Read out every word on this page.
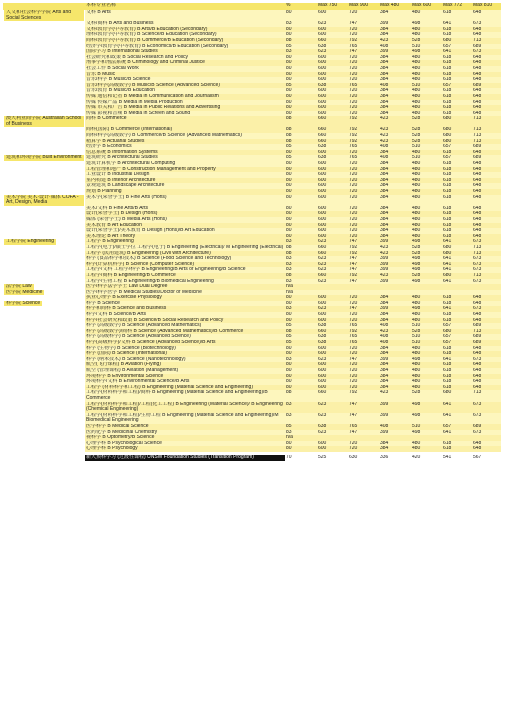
	本科专业名称	%	Max 750	Max 900	Max 480	Max 600	Max 772	Max 810
人文和社会科学学院 Arts and Social Sciences	文科 B Arts	80	600	720	384	480	618	648

	文科/商科 B Arts and Business	83	623	747	399	498	641	673
	文科/教育学(中等教育) B Arts/B Education (Secondary)	80	600	720	384	480	618	648
	理科/教育学(中等教育) B Science/B Education (Secondary)	80	600	720	384	480	618	648
	商科/教育学(中等教育) B Commerce/B Education (Secondary)	88	660	792	423	528	680	713
	经济学/教育学(中等教育) B Economics/B Education (Secondary)	85	638	765	408	510	657	689
	国际学习 B International Studies	83	623	747	399	498	641	673
	社会研究和政策 B Social Research and Policy	80	600	720	384	480	618	648
	刑事学和刑法系统 B Criminology and Criminal Justice	80	600	720	384	480	618	648
	社会工作 B Social Work	80	600	720	384	480	618	648
	音乐 B Music	80	600	720	384	480	618	648
	音乐/科学 B Music/B Science	80	600	720	384	480	618	648
	音乐/科学(高级数学) B Music/B Science (Advanced Science)	85	638	765	408	510	657	689
	音乐/教育 B Music/B Education	80	600	720	384	480	618	648
	传媒 通信和记者 B Media in Communication and Journalism	80	600	720	384	480	618	648
	传媒 传媒产品 B Media in Media Production	80	600	720	384	480	618	648
	传媒 市关和广告 B Media in Public Relations and Advertising	80	600	720	384	480	618	648
	传媒 影视和音频 B Media in Screen and Sound	80	600	720	384	480	618	648
澳大利亚商学院 Australian School of Business	商科 B Commerce	88	660	792	423	528	680	713

	商科(国际) B Commerce (International)	88	660	792	423	528	680	713
	商科/科学(高级数学) B Commerce/B Science (Advanced Mathematics)	88	660	792	423	528	680	713
	精算学 B Actuarial Studies	88	660	792	423	528	680	713
	经济学 B Economics	85	638	765	408	510	657	689
	信息系统 B Information Systems	80	600	720	384	480	618	648
建筑和环境学院 Built Environment	建筑研究 B Architectural Studies	85	638	765	408	510	657	689

	建筑计算机学 B Architectural Computing	80	600	720	384	480	618	648
	工程管理和地产 B Construction Management and Property	80	600	720	384	480	618	648
	工业设计 B Industrial Design	80	600	720	384	480	618	648
	室内构建 B Interior Architecture	80	600	720	384	480	618	648
	景观建筑 B Landscape Architecture	80	600	720	384	480	618	648
	规划 B Planning	80	600	720	384	480	618	648
美术学院 美术·设计·媒体 COFA - Art, Design, Media	美术学(荣誉学士) B Fine Arts (Hons)	80	600	720	384	480	618	648

	美术/文科 B Fine Arts/B Arts	80	600	720	384	480	618	648
	设计(荣誉学士) B Design (Hons)	80	600	720	384	480	618	648
	媒体 (荣誉学士) B Media Arts (Hons)	80	600	720	384	480	618	648
	美术教育 B Art Education	80	600	720	384	480	618	648
	设计(荣誉学士)/美术教育 B Design (Hons)/B Art Education	80	600	720	384	480	618	648
	美术理论 B Art Theory	80	600	720	384	480	618	648

工程学院 Engineering	工程学 B Engineering	83	623	747	399	498	641	673
	工程学(电子)/硕士学位 工程学(电子) B Engineering (Electrical)/ M Engineering (Electrical)	88	660	792	423	528	680	713
	工程学 (民用建筑) B Engineering (Civil with Architecture)	88	660	792	423	528	680	713
	科学 (食品科学和技术) B Science (Food Science and Technology)	83	623	747	399	498	641	673
	科学(计算机科学) B Science (Computer Science)	83	623	747	399	498	641	673
	工程学/文科 工程学/科学 B Engineering/B Arts or Engineering/B Science	83	623	747	399	498	641	673
	工程学/商科 B Engineering/B Commerce	88	660	792	423	528	680	713
	工程学/生物工程 B Engineering/B Biomedical Engineering	83	623	747	399	498	641	673
法学院 Law	医学/科学法学学士 Law Dual Degree	n/a						
医学院 Medicine	医学/科学医学 B Medical Studies/Doctor of Medicine	n/a						
	执业心理学 B Exercise Physiology	80	600	720	384	480	618	648
科学院 Science	科学 B Science	80	600	720	384	480	618	648
	科学和商科 B Science and Business	83	623	747	399	498	641	673
	科学/文科 B Science/B Arts	80	600	720	384	480	618	648
	科学/社会研究和政策 B Science/B Social Research and Policy	80	600	720	384	480	618	648
	科学 (高级数学) B Science (Advanced Mathematics)	85	638	765	408	510	657	689
	科学 (高级数学)/商科 B Science (Advanced Mathematics)/B Commerce	88	660	792	423	528	680	713
	科学 (高级科学) B Science (Advanced Science)	85	638	765	408	510	657	689
	科学(高级科学)/文科 B Science (Advanced Science)/B Arts	85	638	765	408	510	657	689
	科学 (生物学) B Science (Biotechnology)	80	600	720	384	480	618	648
	科学 (国际) B Science (International)	80	600	720	384	480	618	648
	科学 (纳米技术) B Science (Nanotechnology)	83	623	747	399	498	641	673
	航空(飞行课程) B Aviation (Flying)	80	600	720	384	480	618	648
	航空 (管理课程) B Aviation (Management)	80	600	720	384	480	618	648
	环境科学 B Environmental Science	80	600	720	384	480	618	648
	环境科学/文科 B Environmental Science/B Arts	80	600	720	384	480	618	648
	工程学 (材料科学和工程) B Engineering (Material Science and Engineering)	80	600	720	384	480	618	648
	工程学(材料科学和工程)/商科 B Engineering (Material Science and Engineering)/B Commerce	88	660	792	423	528	680	713
	工程学(材料科学和工程)/工程(化工工程) B Engineering (Material Science)/ B Engineering (Chemical Engineering)	83	623	747	399	498	641	673
	工程学(材料科学和工程)/生物工程 B Engineering (Material Science and Engineering)/M Biomedical Engineering	83	623	747	399	498	641	673
	医学科学 B Medical Science	85	638	765	408	510	657	689
	医药化学 B Medicinal Chemistry	83	623	747	399	498	641	673
	视科学 B Optometry/B Science	n/a						
	心理学科 B Psychological Science	80	600	720	384	480	618	648
	心理学科 B Psychology	80	600	720	384	480	618	648

	新大预科学习 (过渡性课程) UNSW Foundation Studies (Transition Program)	70	525	630	336	420	541	567
